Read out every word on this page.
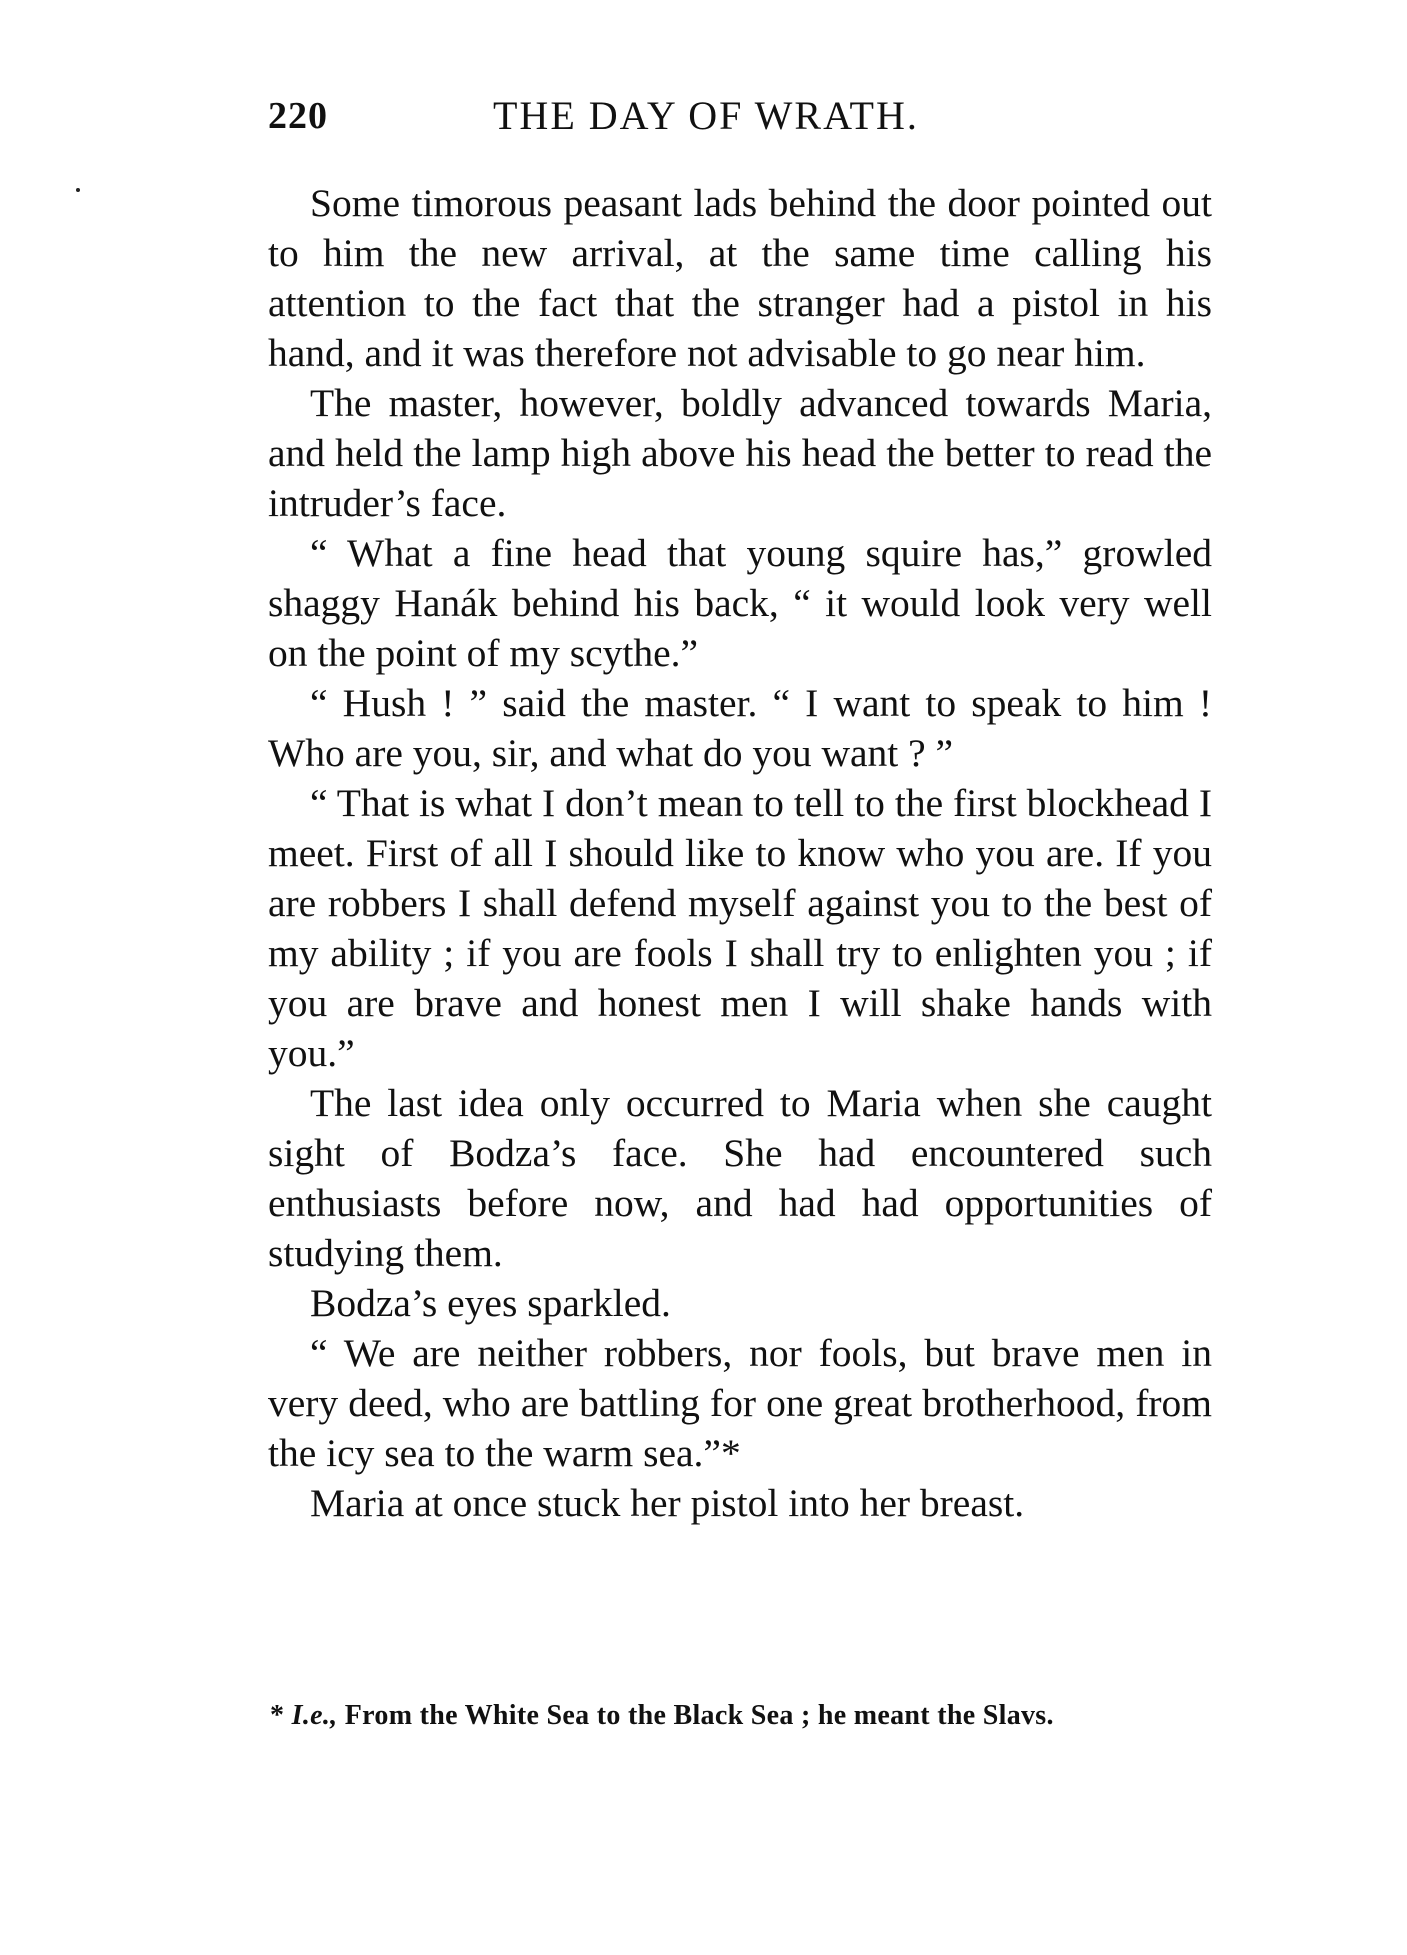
220	THE DAY OF WRATH.

Some timorous peasant lads behind the door pointed out to him the new arrival, at the same time calling his attention to the fact that the stranger had a pistol in his hand, and it was therefore not advisable to go near him.

The master, however, boldly advanced towards Maria, and held the lamp high above his head the better to read the intruder’s face.

“ What a fine head that young squire has,” growled shaggy Hanák behind his back, “ it would look very well on the point of my scythe.”

“ Hush ! ” said the master. “ I want to speak to him ! Who are you, sir, and what do you want ? ”

“ That is what I don’t mean to tell to the first blockhead I meet. First of all I should like to know who you are. If you are robbers I shall defend myself against you to the best of my ability ; if you are fools I shall try to enlighten you ; if you are brave and honest men I will shake hands with you.”

The last idea only occurred to Maria when she caught sight of Bodza’s face. She had encountered such enthusiasts before now, and had had opportunities of studying them.

Bodza’s eyes sparkled.

“ We are neither robbers, nor fools, but brave men in very deed, who are battling for one great brotherhood, from the icy sea to the warm sea.”*

Maria at once stuck her pistol into her breast.

* I.e., From the White Sea to the Black Sea ; he meant the Slavs.
